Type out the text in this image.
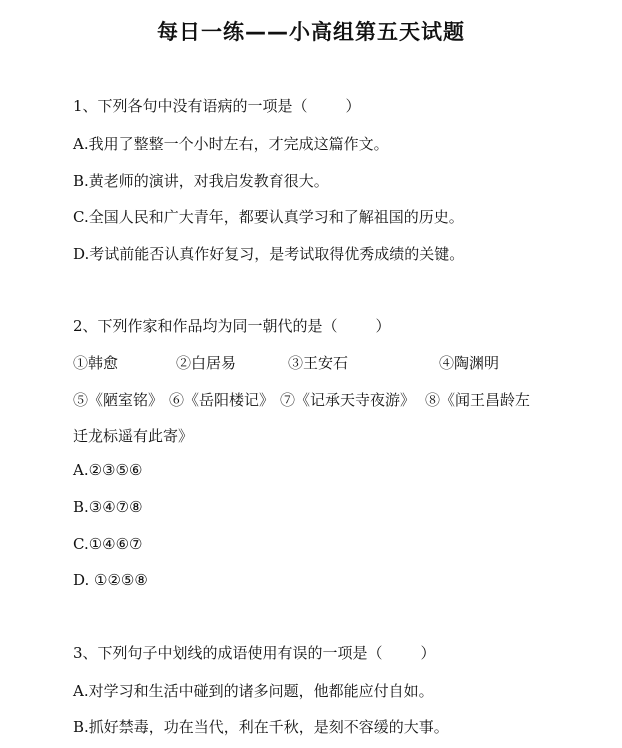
每日一练——小高组第五天试题
1、下列各句中没有语病的一项是（	）
A.我用了整整一个小时左右，才完成这篇作文。
B.黄老师的演讲，对我启发教育很大。
C.全国人民和广大青年，都要认真学习和了解祖国的历史。
D.考试前能否认真作好复习，是考试取得优秀成绩的关键。
2、下列作家和作品均为同一朝代的是（	）
①韩愈	②白居易	③王安石	④陶渊明
⑤《陋室铭》 ⑥《岳阳楼记》 ⑦《记承天寺夜游》 ⑧《闻王昌龄左
迁龙标遥有此寄》
A.②③⑤⑥
B.③④⑦⑧
C.①④⑥⑦
D. ①②⑤⑧
3、下列句子中划线的成语使用有误的一项是（	）
A.对学习和生活中碰到的诸多问题，他都能应付自如。
B.抓好禁毒，功在当代，利在千秋，是刻不容缓的大事。
